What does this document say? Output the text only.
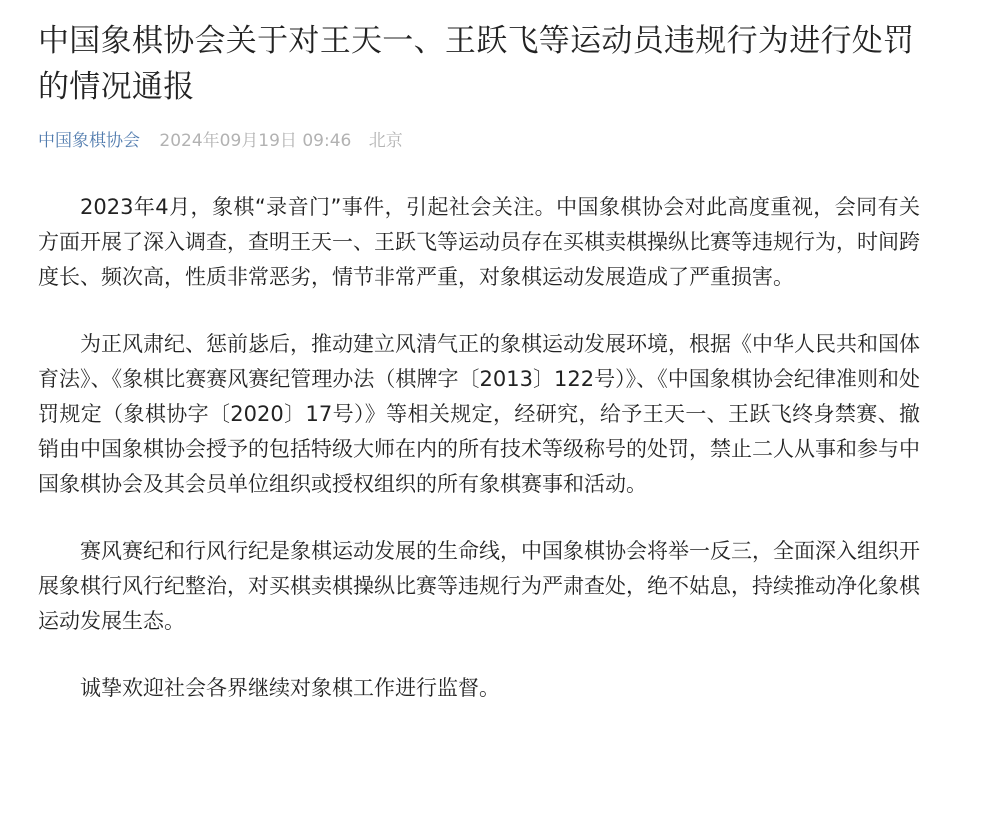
中国象棋协会关于对王天一、王跃飞等运动员违规行为进行处罚的情况通报
中国象棋协会 2024年09月19日 09:46 北京

2023年4月，象棋“录音门”事件，引起社会关注。中国象棋协会对此高度重视，会同有关方面开展了深入调查，查明王天一、王跃飞等运动员存在买棋卖棋操纵比赛等违规行为，时间跨度长、频次高，性质非常恶劣，情节非常严重，对象棋运动发展造成了严重损害。

为正风肃纪、惩前毖后，推动建立风清气正的象棋运动发展环境，根据《中华人民共和国体育法》、《象棋比赛赛风赛纪管理办法（棋牌字〔2013〕122号）》、《中国象棋协会纪律准则和处罚规定（象棋协字〔2020〕17号）》等相关规定，经研究，给予王天一、王跃飞终身禁赛、撤销由中国象棋协会授予的包括特级大师在内的所有技术等级称号的处罚，禁止二人从事和参与中国象棋协会及其会员单位组织或授权组织的所有象棋赛事和活动。

赛风赛纪和行风行纪是象棋运动发展的生命线，中国象棋协会将举一反三，全面深入组织开展象棋行风行纪整治，对买棋卖棋操纵比赛等违规行为严肃查处，绝不姑息，持续推动净化象棋运动发展生态。

诚挚欢迎社会各界继续对象棋工作进行监督。
